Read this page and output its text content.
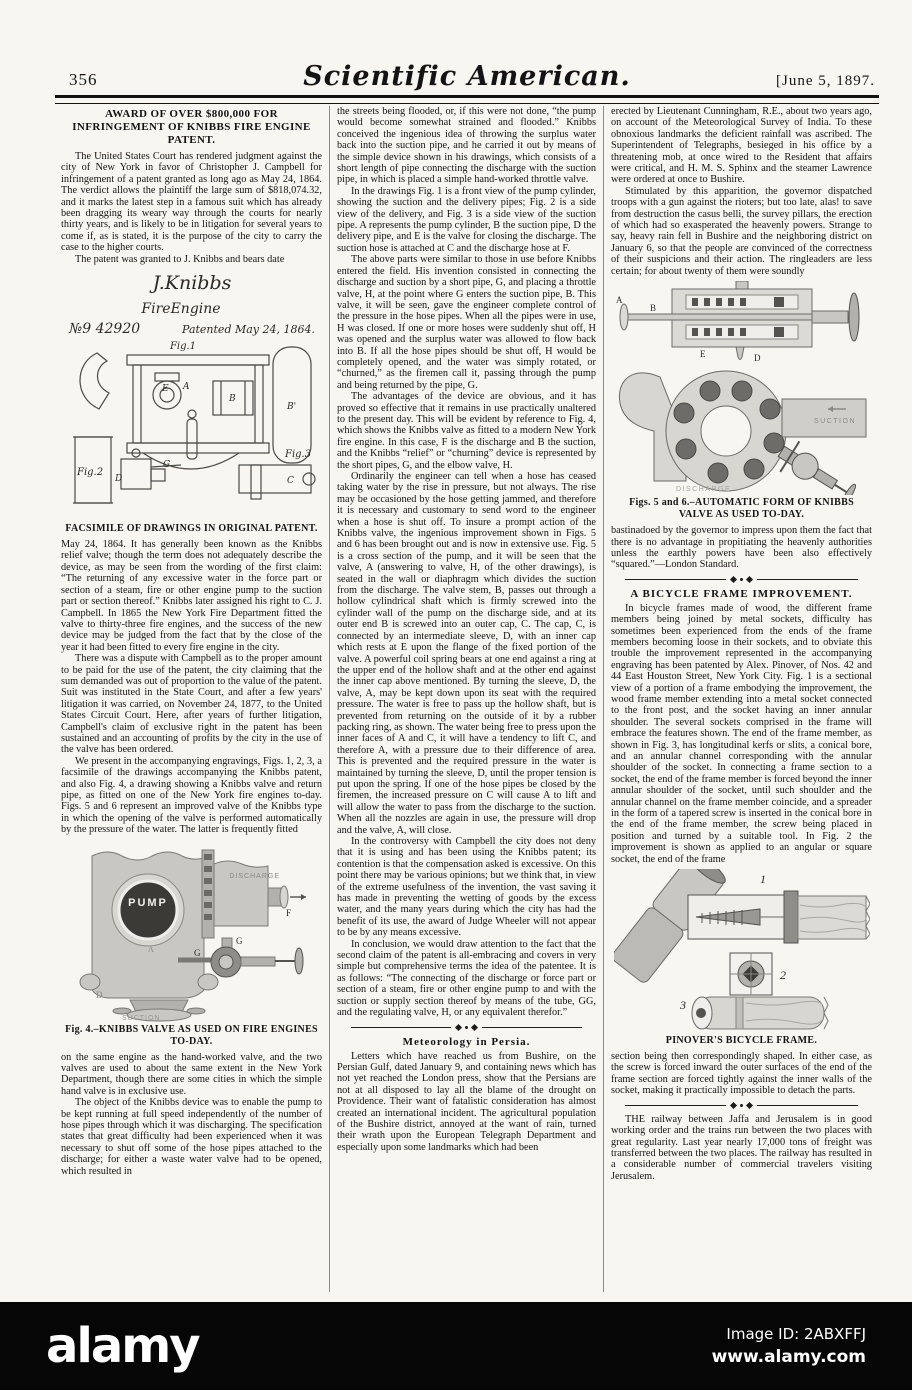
356	Scientific American.	[June 5, 1897.
AWARD OF OVER $800,000 FOR INFRINGEMENT OF KNIBBS FIRE ENGINE PATENT.

The United States Court has rendered judgment against the city of New York in favor of Christopher J. Campbell for infringement of a patent granted as long ago as May 24, 1864. The verdict allows the plaintiff the large sum of $818,074.32, and it marks the latest step in a famous suit which has already been dragging its weary way through the courts for nearly thirty years, and is likely to be in litigation for several years to come if, as is stated, it is the purpose of the city to carry the case to the higher courts.

The patent was granted to J. Knibbs and bears date

J.Knibbs
FireEngine
№9 42920	Patented May 24, 1864.
Fig.1
Fig.2
Fig.3
A
E
B
G
D	C
B'
FACSIMILE OF DRAWINGS IN ORIGINAL PATENT.

May 24, 1864. It has generally been known as the Knibbs relief valve; though the term does not adequately describe the device, as may be seen from the wording of the first claim: “The returning of any excessive water in the force part or section of a steam, fire or other engine pump to the suction part or section thereof.” Knibbs later assigned his right to C. J. Campbell. In 1865 the New York Fire Department fitted the valve to thirty-three fire engines, and the success of the new device may be judged from the fact that by the close of the year it had been fitted to every fire engine in the city.

There was a dispute with Campbell as to the proper amount to be paid for the use of the patent, the city claiming that the sum demanded was out of proportion to the value of the patent. Suit was instituted in the State Court, and after a few years' litigation it was carried, on November 24, 1877, to the United States Circuit Court. Here, after years of further litigation, Campbell's claim of exclusive right in the patent has been sustained and an accounting of profits by the city in the use of the valve has been ordered.

We present in the accompanying engravings, Figs. 1, 2, 3, a facsimile of the drawings accompanying the Knibbs patent, and also Fig. 4, a drawing showing a Knibbs valve and return pipe, as fitted on one of the New York fire engines to-day. Figs. 5 and 6 represent an improved valve of the Knibbs type in which the opening of the valve is performed automatically by the pressure of the water. The latter is frequently fitted

PUMP
DISCHARGE
F
G
G
D
A
SUCTION
Fig. 4.–KNIBBS VALVE AS USED ON FIRE ENGINES TO-DAY.

on the same engine as the hand-worked valve, and the two valves are used to about the same extent in the New York Department, though there are some cities in which the simple hand valve is in exclusive use.

The object of the Knibbs device was to enable the pump to be kept running at full speed independently of the number of hose pipes through which it was discharging. The specification states that great difficulty had been experienced when it was necessary to shut off some of the hose pipes attached to the discharge; for either a waste water valve had to be opened, which resulted in

the streets being flooded, or, if this were not done, “the pump would become somewhat strained and flooded.” Knibbs conceived the ingenious idea of throwing the surplus water back into the suction pipe, and he carried it out by means of the simple device shown in his drawings, which consists of a short length of pipe connecting the discharge with the suction pipe, in which is placed a simple hand-worked throttle valve.

In the drawings Fig. 1 is a front view of the pump cylinder, showing the suction and the delivery pipes; Fig. 2 is a side view of the delivery, and Fig. 3 is a side view of the suction pipe. A represents the pump cylinder, B the suction pipe, D the delivery pipe, and E is the valve for closing the discharge. The suction hose is attached at C and the discharge hose at F.

The above parts were similar to those in use before Knibbs entered the field. His invention consisted in connecting the discharge and suction by a short pipe, G, and placing a throttle valve, H, at the point where G enters the suction pipe, B. This valve, it will be seen, gave the engineer complete control of the pressure in the hose pipes. When all the pipes were in use, H was closed. If one or more hoses were suddenly shut off, H was opened and the surplus water was allowed to flow back into B. If all the hose pipes should be shut off, H would be completely opened, and the water was simply rotated, or “churned,” as the firemen call it, passing through the pump and being returned by the pipe, G.

The advantages of the device are obvious, and it has proved so effective that it remains in use practically unaltered to the present day. This will be evident by reference to Fig. 4, which shows the Knibbs valve as fitted to a modern New York fire engine. In this case, F is the discharge and B the suction, and the Knibbs “relief” or “churning” device is represented by the short pipes, G, and the elbow valve, H.

Ordinarily the engineer can tell when a hose has ceased taking water by the rise in pressure, but not always. The rise may be occasioned by the hose getting jammed, and therefore it is necessary and customary to send word to the engineer when a hose is shut off. To insure a prompt action of the Knibbs valve, the ingenious improvement shown in Figs. 5 and 6 has been brought out and is now in extensive use. Fig. 5 is a cross section of the pump, and it will be seen that the valve, A (answering to valve, H, of the other drawings), is seated in the wall or diaphragm which divides the suction from the discharge. The valve stem, B, passes out through a hollow cylindrical shaft which is firmly screwed into the cylinder wall of the pump on the discharge side, and at its outer end B is screwed into an outer cap, C. The cap, C, is connected by an intermediate sleeve, D, with an inner cap which rests at E upon the flange of the fixed portion of the valve. A powerful coil spring bears at one end against a ring at the upper end of the hollow shaft and at the other end against the inner cap above mentioned. By turning the sleeve, D, the valve, A, may be kept down upon its seat with the required pressure. The water is free to pass up the hollow shaft, but is prevented from returning on the outside of it by a rubber packing ring, as shown. The water being free to press upon the inner faces of A and C, it will have a tendency to lift C, and therefore A, with a pressure due to their difference of area. This is prevented and the required pressure in the water is maintained by turning the sleeve, D, until the proper tension is put upon the spring. If one of the hose pipes be closed by the firemen, the increased pressure on C will cause A to lift and will allow the water to pass from the discharge to the suction. When all the nozzles are again in use, the pressure will drop and the valve, A, will close.

In the controversy with Campbell the city does not deny that it is using and has been using the Knibbs patent; its contention is that the compensation asked is excessive. On this point there may be various opinions; but we think that, in view of the extreme usefulness of the invention, the vast saving it has made in preventing the wetting of goods by the excess water, and the many years during which the city has had the benefit of its use, the award of Judge Wheeler will not appear to be by any means excessive.

In conclusion, we would draw attention to the fact that the second claim of the patent is all-embracing and covers in very simple but comprehensive terms the idea of the patentee. It is as follows: “The connecting of the discharge or force part or section of a steam, fire or other engine pump to and with the suction or supply section thereof by means of the tube, GG, and the regulating valve, H, or any equivalent therefor.”

Meteorology in Persia.

Letters which have reached us from Bushire, on the Persian Gulf, dated January 9, and containing news which has not yet reached the London press, show that the Persians are not at all disposed to lay all the blame of the drought on Providence. Their want of fatalistic consideration has almost created an international incident. The agricultural population of the Bushire district, annoyed at the want of rain, turned their wrath upon the European Telegraph Department and especially upon some landmarks which had been

erected by Lieutenant Cunningham, R.E., about two years ago, on account of the Meteorological Survey of India. To these obnoxious landmarks the deficient rainfall was ascribed. The Superintendent of Telegraphs, besieged in his office by a threatening mob, at once wired to the Resident that affairs were critical, and H. M. S. Sphinx and the steamer Lawrence were ordered at once to Bushire.

Stimulated by this apparition, the governor dispatched troops with a gun against the rioters; but too late, alas! to save from destruction the casus belli, the survey pillars, the erection of which had so exasperated the heavenly powers. Strange to say, heavy rain fell in Bushire and the neighboring district on January 6, so that the people are convinced of the correctness of their suspicions and their action. The ringleaders are less certain; for about twenty of them were soundly

A
B
E	D
SUCTION
DISCHARGE
Figs. 5 and 6.–AUTOMATIC FORM OF KNIBBS VALVE AS USED TO-DAY.

bastinadoed by the governor to impress upon them the fact that there is no advantage in propitiating the heavenly authorities unless the earthly powers have been also effectively “squared.”—London Standard.

A BICYCLE FRAME IMPROVEMENT.

In bicycle frames made of wood, the different frame members being joined by metal sockets, difficulty has sometimes been experienced from the ends of the frame members becoming loose in their sockets, and to obviate this trouble the improvement represented in the accompanying engraving has been patented by Alex. Pinover, of Nos. 42 and 44 East Houston Street, New York City. Fig. 1 is a sectional view of a portion of a frame embodying the improvement, the wood frame member extending into a metal socket connected to the front post, and the socket having an inner annular shoulder. The several sockets comprised in the frame will embrace the features shown. The end of the frame member, as shown in Fig. 3, has longitudinal kerfs or slits, a conical bore, and an annular channel corresponding with the annular shoulder of the socket. In connecting a frame section to a socket, the end of the frame member is forced beyond the inner annular shoulder of the socket, until such shoulder and the annular channel on the frame member coincide, and a spreader in the form of a tapered screw is inserted in the conical bore in the end of the frame member, the screw being placed in position and turned by a suitable tool. In Fig. 2 the improvement is shown as applied to an angular or square socket, the end of the frame

1
2
3
PINOVER'S BICYCLE FRAME.

section being then correspondingly shaped. In either case, as the screw is forced inward the outer surfaces of the end of the frame section are forced tightly against the inner walls of the socket, making it practically impossible to detach the parts.

THE railway between Jaffa and Jerusalem is in good working order and the trains run between the two places with great regularity. Last year nearly 17,000 tons of freight was transferred between the two places. The railway has resulted in a considerable number of commercial travelers visiting Jerusalem.

alamy	Image ID: 2ABXFFJ
www.alamy.com
